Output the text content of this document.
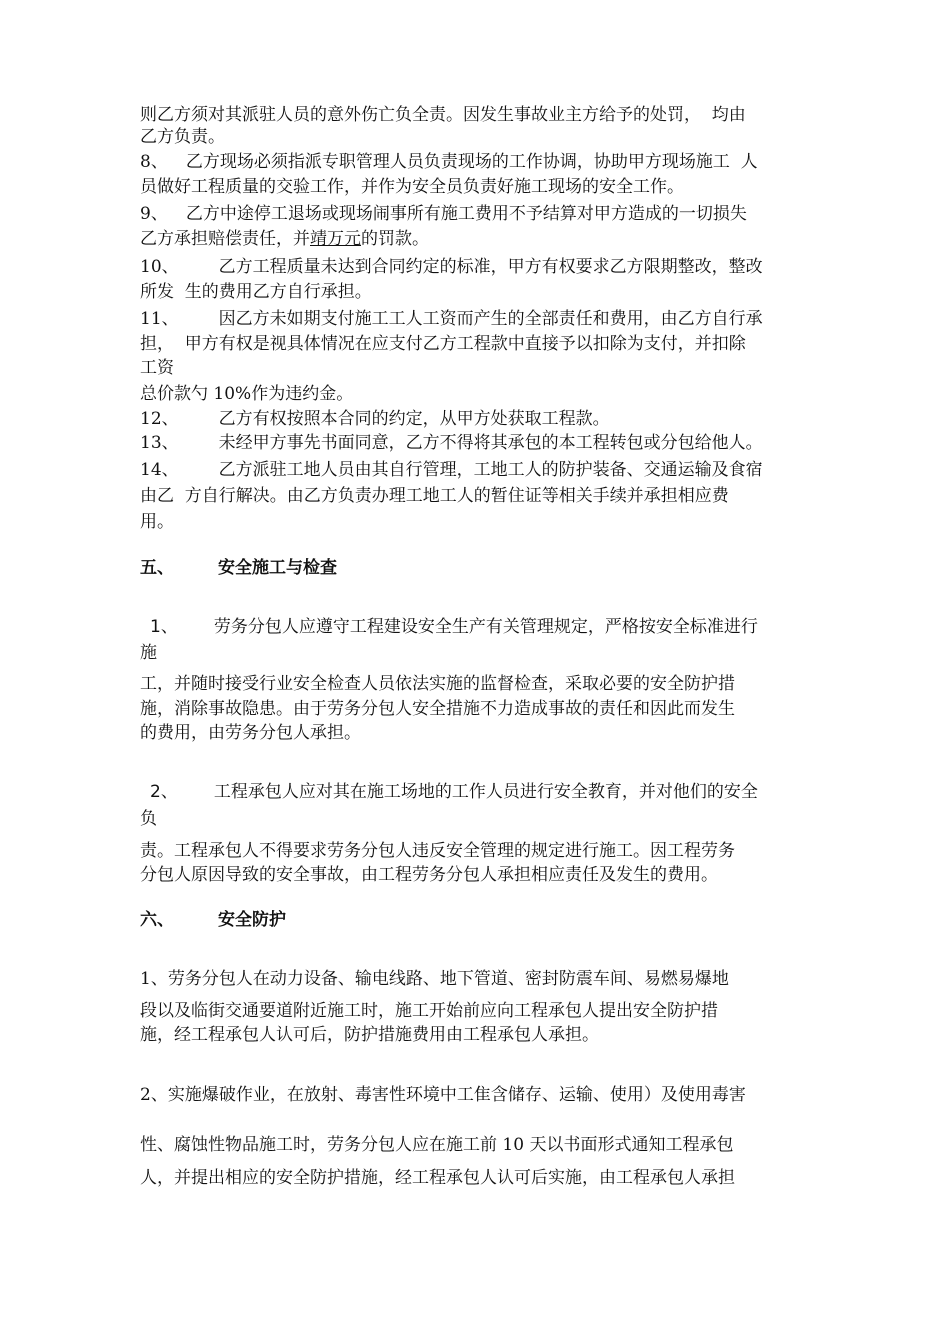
则乙方须对其派驻人员的意外伤亡负全责。因发生事故业主方给予的处罚，  均由
乙方负责。
8、 乙方现场必须指派专职管理人员负责现场的工作协调，协助甲方现场施工  人
员做好工程质量的交验工作，并作为安全员负责好施工现场的安全工作。
9、 乙方中途停工退场或现场闹事所有施工费用不予结算对甲方造成的一切损失
乙方承担赔偿责任，并靖万元的罚款。
10、 乙方工程质量未达到合同约定的标准，甲方有权要求乙方限期整改，整改
所发  生的费用乙方自行承担。
11、 因乙方未如期支付施工工人工资而产生的全部责任和费用，由乙方自行承
担，  甲方有权是视具体情况在应支付乙方工程款中直接予以扣除为支付，并扣除
工资
总价款勺 10%作为违约金。
12、 乙方有权按照本合同的约定，从甲方处获取工程款。
13、 未经甲方事先书面同意，乙方不得将其承包的本工程转包或分包给他人。
14、 乙方派驻工地人员由其自行管理，工地工人的防护装备、交通运输及食宿
由乙  方自行解决。由乙方负责办理工地工人的暂住证等相关手续并承担相应费
用。
五、	安全施工与检查
1、 劳务分包人应遵守工程建设安全生产有关管理规定，严格按安全标准进行
施
工，并随时接受行业安全检查人员依法实施的监督检查，采取必要的安全防护措
施，消除事故隐患。由于劳务分包人安全措施不力造成事故的责任和因此而发生
的费用，由劳务分包人承担。
2、 工程承包人应对其在施工场地的工作人员进行安全教育，并对他们的安全
负
责。工程承包人不得要求劳务分包人违反安全管理的规定进行施工。因工程劳务
分包人原因导致的安全事故，由工程劳务分包人承担相应责任及发生的费用。
六、	安全防护
1、劳务分包人在动力设备、输电线路、地下管道、密封防震车间、易燃易爆地
段以及临街交通要道附近施工时，施工开始前应向工程承包人提出安全防护措
施，经工程承包人认可后，防护措施费用由工程承包人承担。
2、实施爆破作业，在放射、毒害性环境中工隹含储存、运输、使用）及使用毒害
性、腐蚀性物品施工时，劳务分包人应在施工前 10 天以书面形式通知工程承包
人，并提出相应的安全防护措施，经工程承包人认可后实施，由工程承包人承担
